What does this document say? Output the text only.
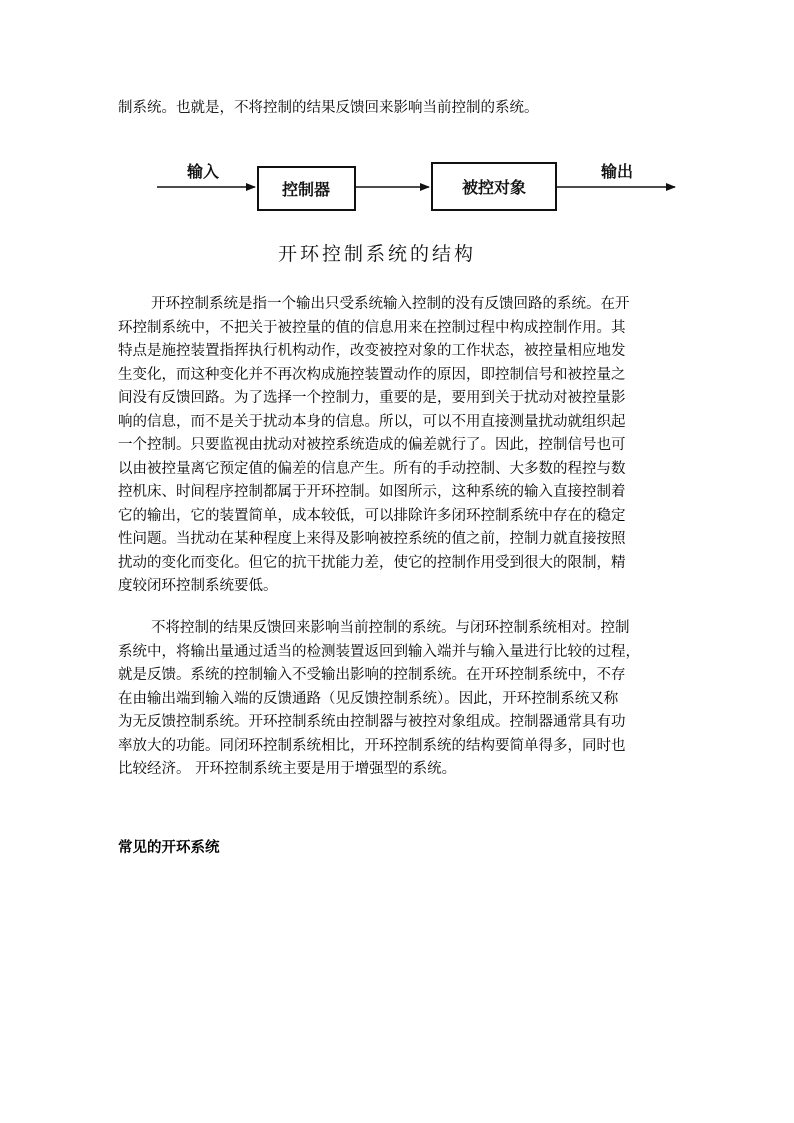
制系统。也就是，不将控制的结果反馈回来影响当前控制的系统。
输入
控制器	被控对象
输出
开环控制系统的结构
开环控制系统是指一个输出只受系统输入控制的没有反馈回路的系统。在开
环控制系统中，不把关于被控量的值的信息用来在控制过程中构成控制作用。其
特点是施控装置指挥执行机构动作，改变被控对象的工作状态，被控量相应地发
生变化，而这种变化并不再次构成施控装置动作的原因，即控制信号和被控量之
间没有反馈回路。为了选择一个控制力，重要的是，要用到关于扰动对被控量影
响的信息，而不是关于扰动本身的信息。所以，可以不用直接测量扰动就组织起
一个控制。只要监视由扰动对被控系统造成的偏差就行了。因此，控制信号也可
以由被控量离它预定值的偏差的信息产生。所有的手动控制、大多数的程控与数
控机床、时间程序控制都属于开环控制。如图所示，这种系统的输入直接控制着
它的输出，它的装置简单，成本较低，可以排除许多闭环控制系统中存在的稳定
性问题。当扰动在某种程度上来得及影响被控系统的值之前，控制力就直接按照
扰动的变化而变化。但它的抗干扰能力差，使它的控制作用受到很大的限制，精
度较闭环控制系统要低。
不将控制的结果反馈回来影响当前控制的系统。与闭环控制系统相对。控制
系统中，将输出量通过适当的检测装置返回到输入端并与输入量进行比较的过程，
就是反馈。系统的控制输入不受输出影响的控制系统。在开环控制系统中，不存
在由输出端到输入端的反馈通路（见反馈控制系统）。因此，开环控制系统又称
为无反馈控制系统。开环控制系统由控制器与被控对象组成。控制器通常具有功
率放大的功能。同闭环控制系统相比，开环控制系统的结构要简单得多，同时也
比较经济。 开环控制系统主要是用于增强型的系统。
常见的开环系统
